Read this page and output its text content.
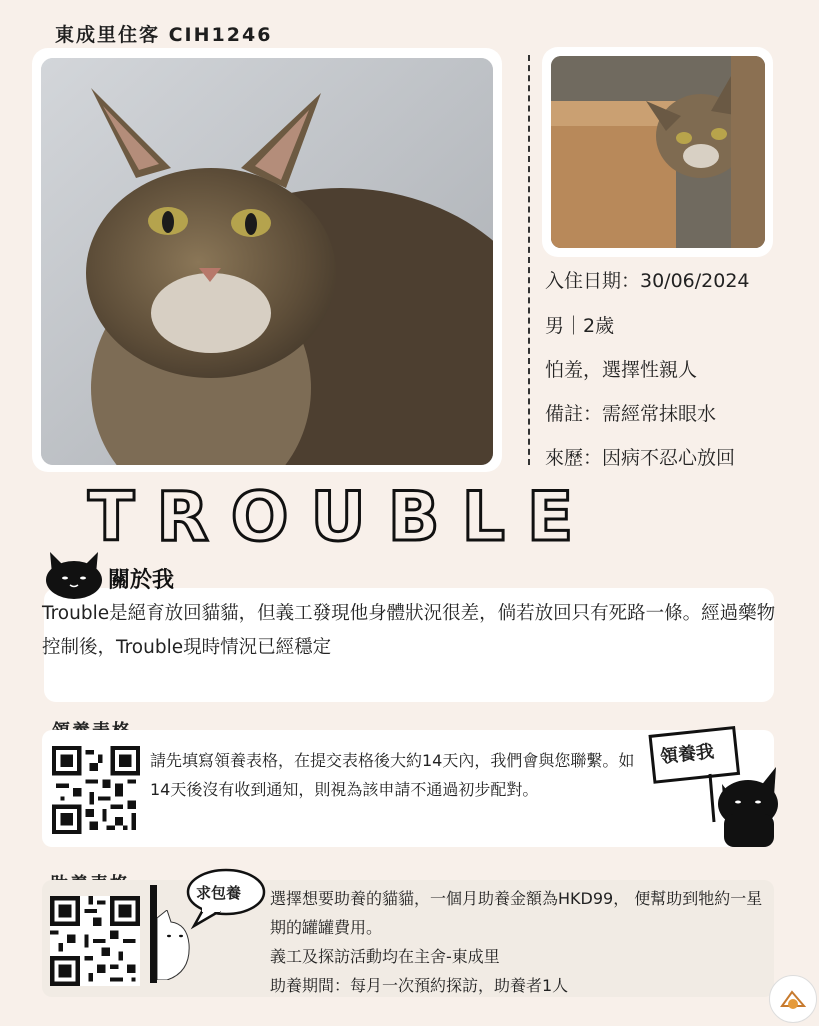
東成里住客 CIH1246
入住日期：30/06/2024
男｜2歲
怕羞，選擇性親人
備註：需經常抹眼水
來歷：因病不忍心放回
TROUBLE
關於我
Trouble是絕育放回貓貓，但義工發現他身體狀況很差，倘若放回只有死路一條。經過藥物控制後，Trouble現時情況已經穩定
請先填寫領養表格，在提交表格後大約14天內，我們會與您聯繫。如14天後沒有收到通知，則視為該申請不通過初步配對。
領養我
求包養 選擇想要助養的貓貓，一個月助養金額為HKD99， 便幫助到牠約一星期的罐罐費用。
義工及探訪活動均在主舍-東成里
助養期間：每月一次預約探訪，助養者1人
